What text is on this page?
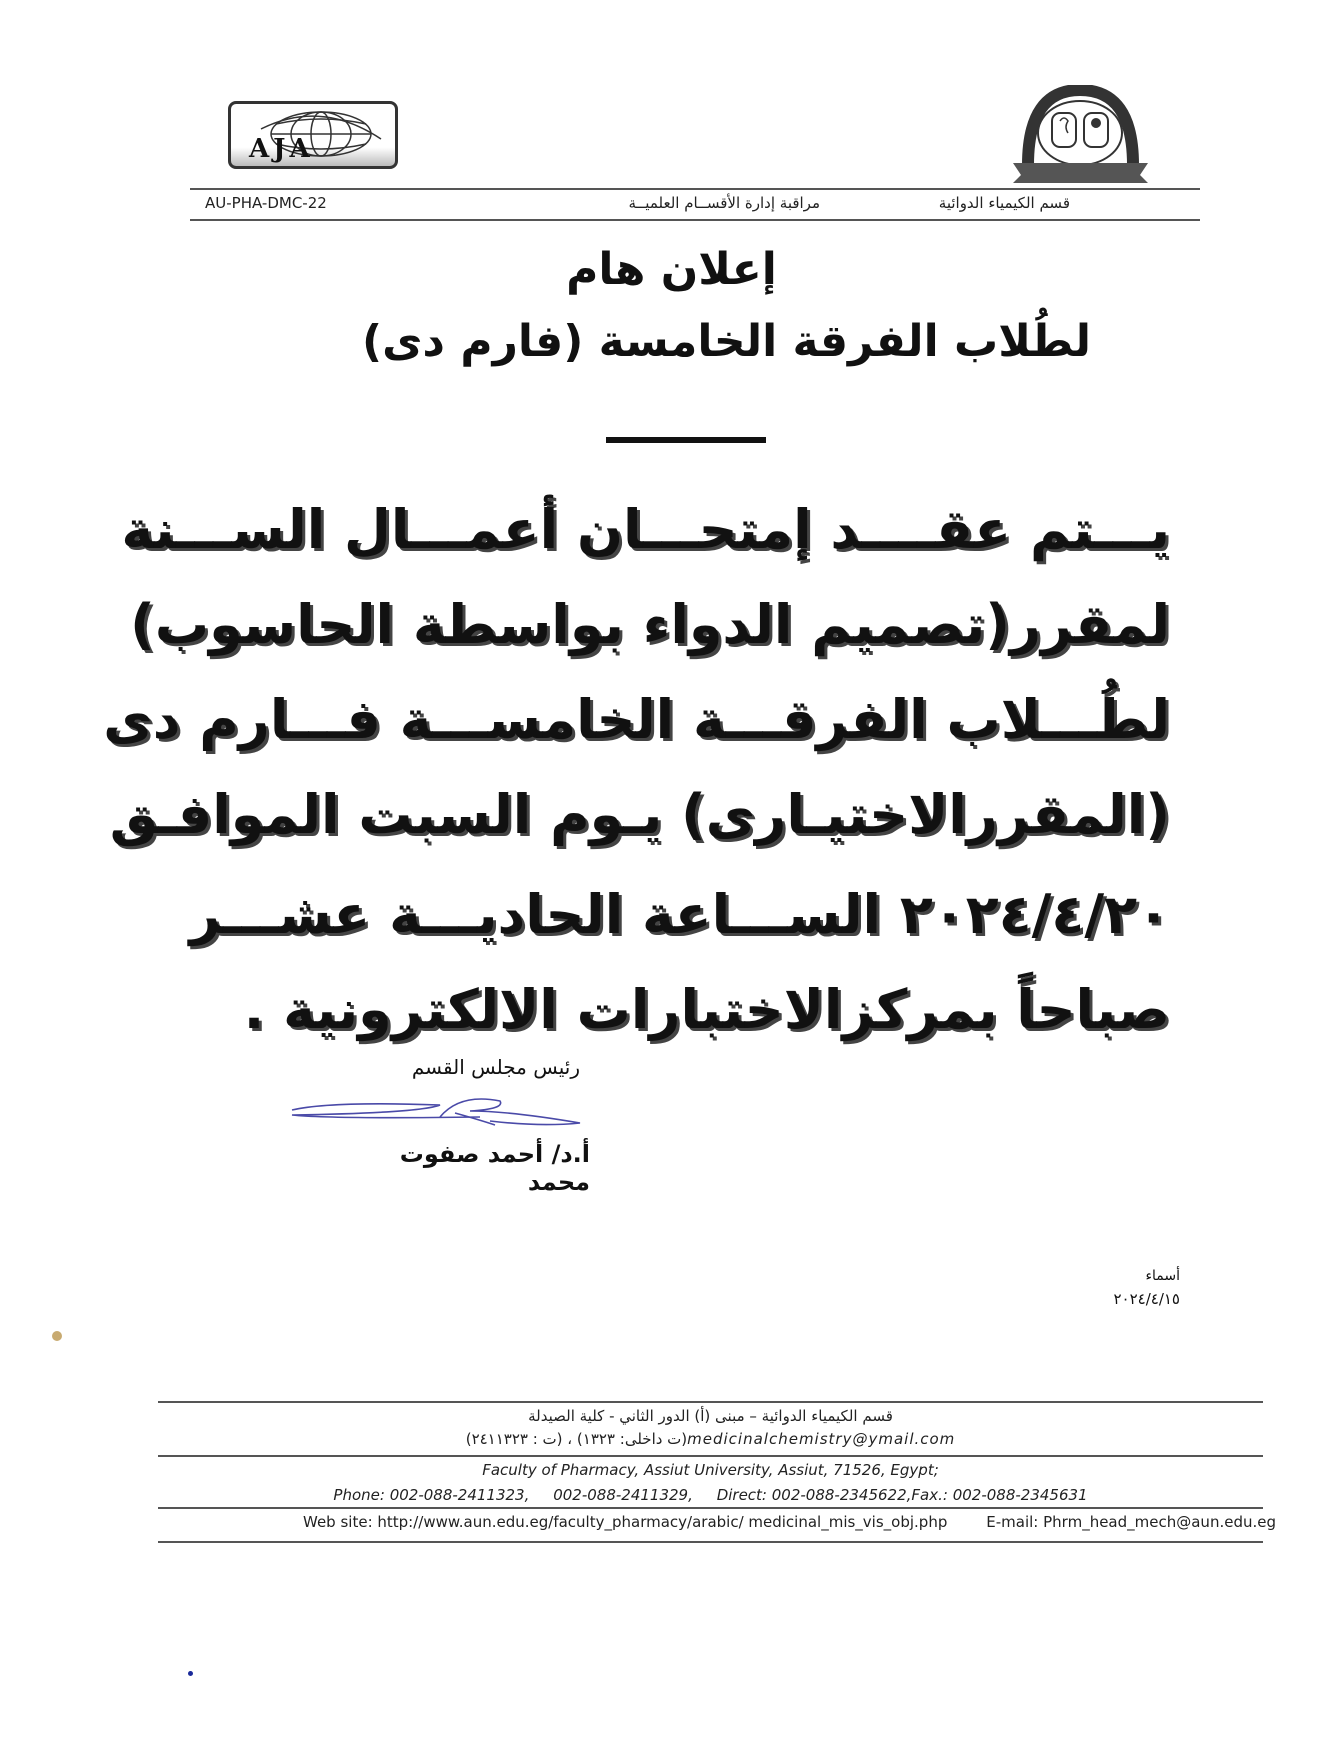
AJA
AU-PHA-DMC-22	مراقبة إدارة الأقســام العلميــة	قسم الكيمياء الدوائية
إعلان هام
لطُلاب الفرقة الخامسة (فارم دى)
يـــتم عقــــد إمتحـــان أعمـــال الســـنة
لمقرر(تصميم الدواء بواسطة الحاسوب)
لطُـــلاب الفرقـــة الخامســـة فـــارم دى
(المقررالاختيـارى) يـوم السبت الموافـق
٢٠٢٤/٤/٢٠ الســـاعة الحاديـــة عشـــر
صباحاً بمركزالاختبارات الالكترونية .
رئيس مجلس القسم
أ.د/ أحمد صفوت محمد
أسماء
٢٠٢٤/٤/١٥
قسم الكيمياء الدوائية – مبنى (أ) الدور الثاني - كلية الصيدلة
(ت داخلى: ١٣٢٣) ، (ت : ٢٤١١٣٢٣)medicinalchemistry@ymail.com
Faculty of Pharmacy, Assiut University, Assiut, 71526, Egypt;
Phone: 002-088-2411323,     002-088-2411329,     Direct: 002-088-2345622,Fax.: 002-088-2345631
Web site: http://www.aun.edu.eg/faculty_pharmacy/arabic/ medicinal_mis_vis_obj.php	E-mail: Phrm_head_mech@aun.edu.eg
